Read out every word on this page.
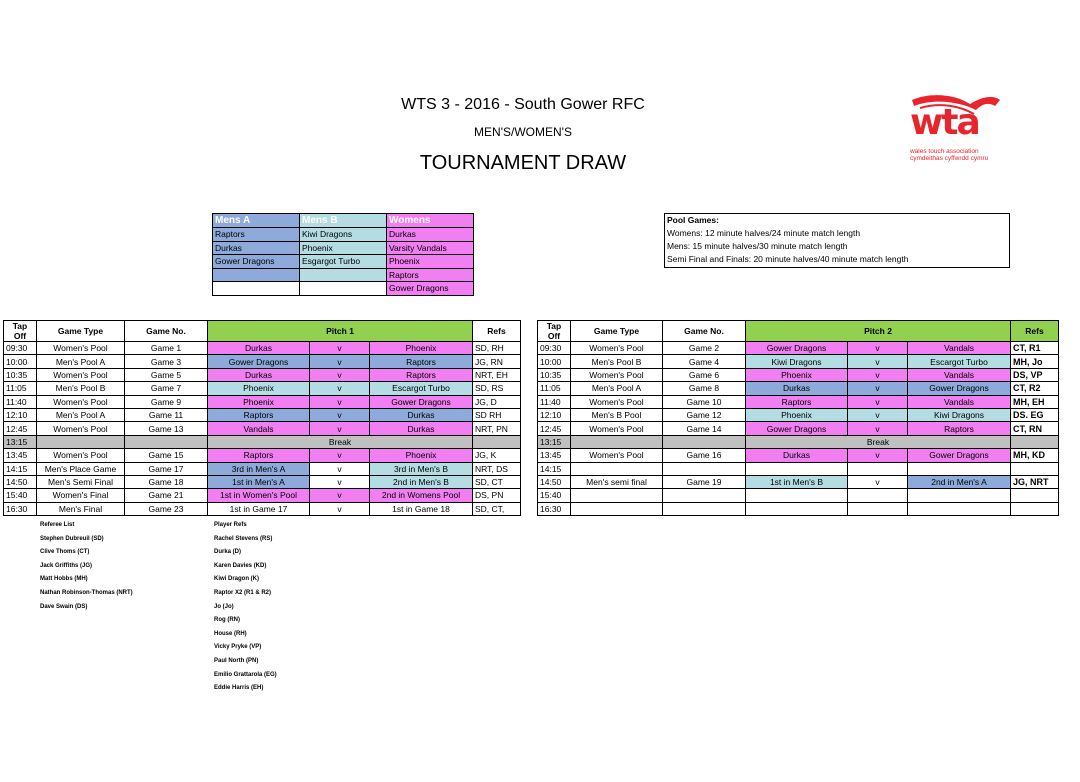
WTS 3 - 2016 - South Gower RFC
MEN'S/WOMEN'S
TOURNAMENT DRAW
wta
wales touch association
cymdeithas cyffwrdd cymru
Mens A	Mens B	Womens
Raptors	Kiwi Dragons	Durkas
Durkas	Phoenix	Varsity Vandals
Gower Dragons	Esgargot Turbo	Phoenix
		Raptors
		Gower Dragons
Pool Games:
Womens: 12 minute halves/24 minute match length
Mens: 15 minute halves/30 minute match length
Semi Final and Finals: 20 minute halves/40 minute match length
Tap Off	Game Type	Game No.	Pitch 1			Refs
09:30	Women's Pool	Game 1	Durkas	v	Phoenix	SD, RH
10:00	Men's Pool A	Game 3	Gower Dragons	v	Raptors	JG, RN
10:35	Women's Pool	Game 5	Durkas	v	Raptors	NRT, EH
11:05	Men's Pool B	Game 7	Phoenix	v	Escargot Turbo	SD, RS
11:40	Women's Pool	Game 9	Phoenix	v	Gower Dragons	JG, D
12:10	Men's Pool A	Game 11	Raptors	v	Durkas	SD RH
12:45	Women's Pool	Game 13	Vandals	v	Durkas	NRT, PN
13:15			Break			
13:45	Women's Pool	Game 15	Raptors	v	Phoenix	JG, K
14:15	Men's Place Game	Game 17	3rd in Men's A	v	3rd in Men's B	NRT, DS
14:50	Men's Semi Final	Game 18	1st in Men's A	v	2nd in Men's B	SD, CT
15:40	Women's Final	Game 21	1st in Women's Pool	v	2nd in Womens Pool	DS, PN
16:30	Men's Final	Game 23	1st in Game 17	v	1st in Game 18	SD, CT,
Tap Off	Game Type	Game No.	Pitch 2			Refs
09:30	Women's Pool	Game 2	Gower Dragons	v	Vandals	CT, R1
10:00	Men's Pool B	Game 4	Kiwi Dragons	v	Escargot Turbo	MH, Jo
10:35	Women's Pool	Game 6	Phoenix	v	Vandals	DS, VP
11:05	Men's Pool A	Game 8	Durkas	v	Gower Dragons	CT, R2
11:40	Women's Pool	Game 10	Raptors	v	Vandals	MH, EH
12:10	Men's B Pool	Game 12	Phoenix	v	Kiwi Dragons	DS. EG
12:45	Women's Pool	Game 14	Gower Dragons	v	Raptors	CT, RN
13:15			Break			
13:45	Women's Pool	Game 16	Durkas	v	Gower Dragons	MH, KD
14:15						
14:50	Men's semi final	Game 19	1st in Men's B	v	2nd in Men's A	JG, NRT
15:40						
16:30						
Referee List
Stephen Dubreuil (SD)
Clive Thoms (CT)
Jack Griffiths (JG)
Matt Hobbs (MH)
Nathan Robinson-Thomas (NRT)
Dave Swain (DS)
Player Refs
Rachel Stevens (RS)
Durka (D)
Karen Davies (KD)
Kiwi Dragon (K)
Raptor X2 (R1 & R2)
Jo (Jo)
Rog (RN)
House (RH)
Vicky Pryke (VP)
Paul North (PN)
Emilio Grattarola (EG)
Eddie Harris (EH)
